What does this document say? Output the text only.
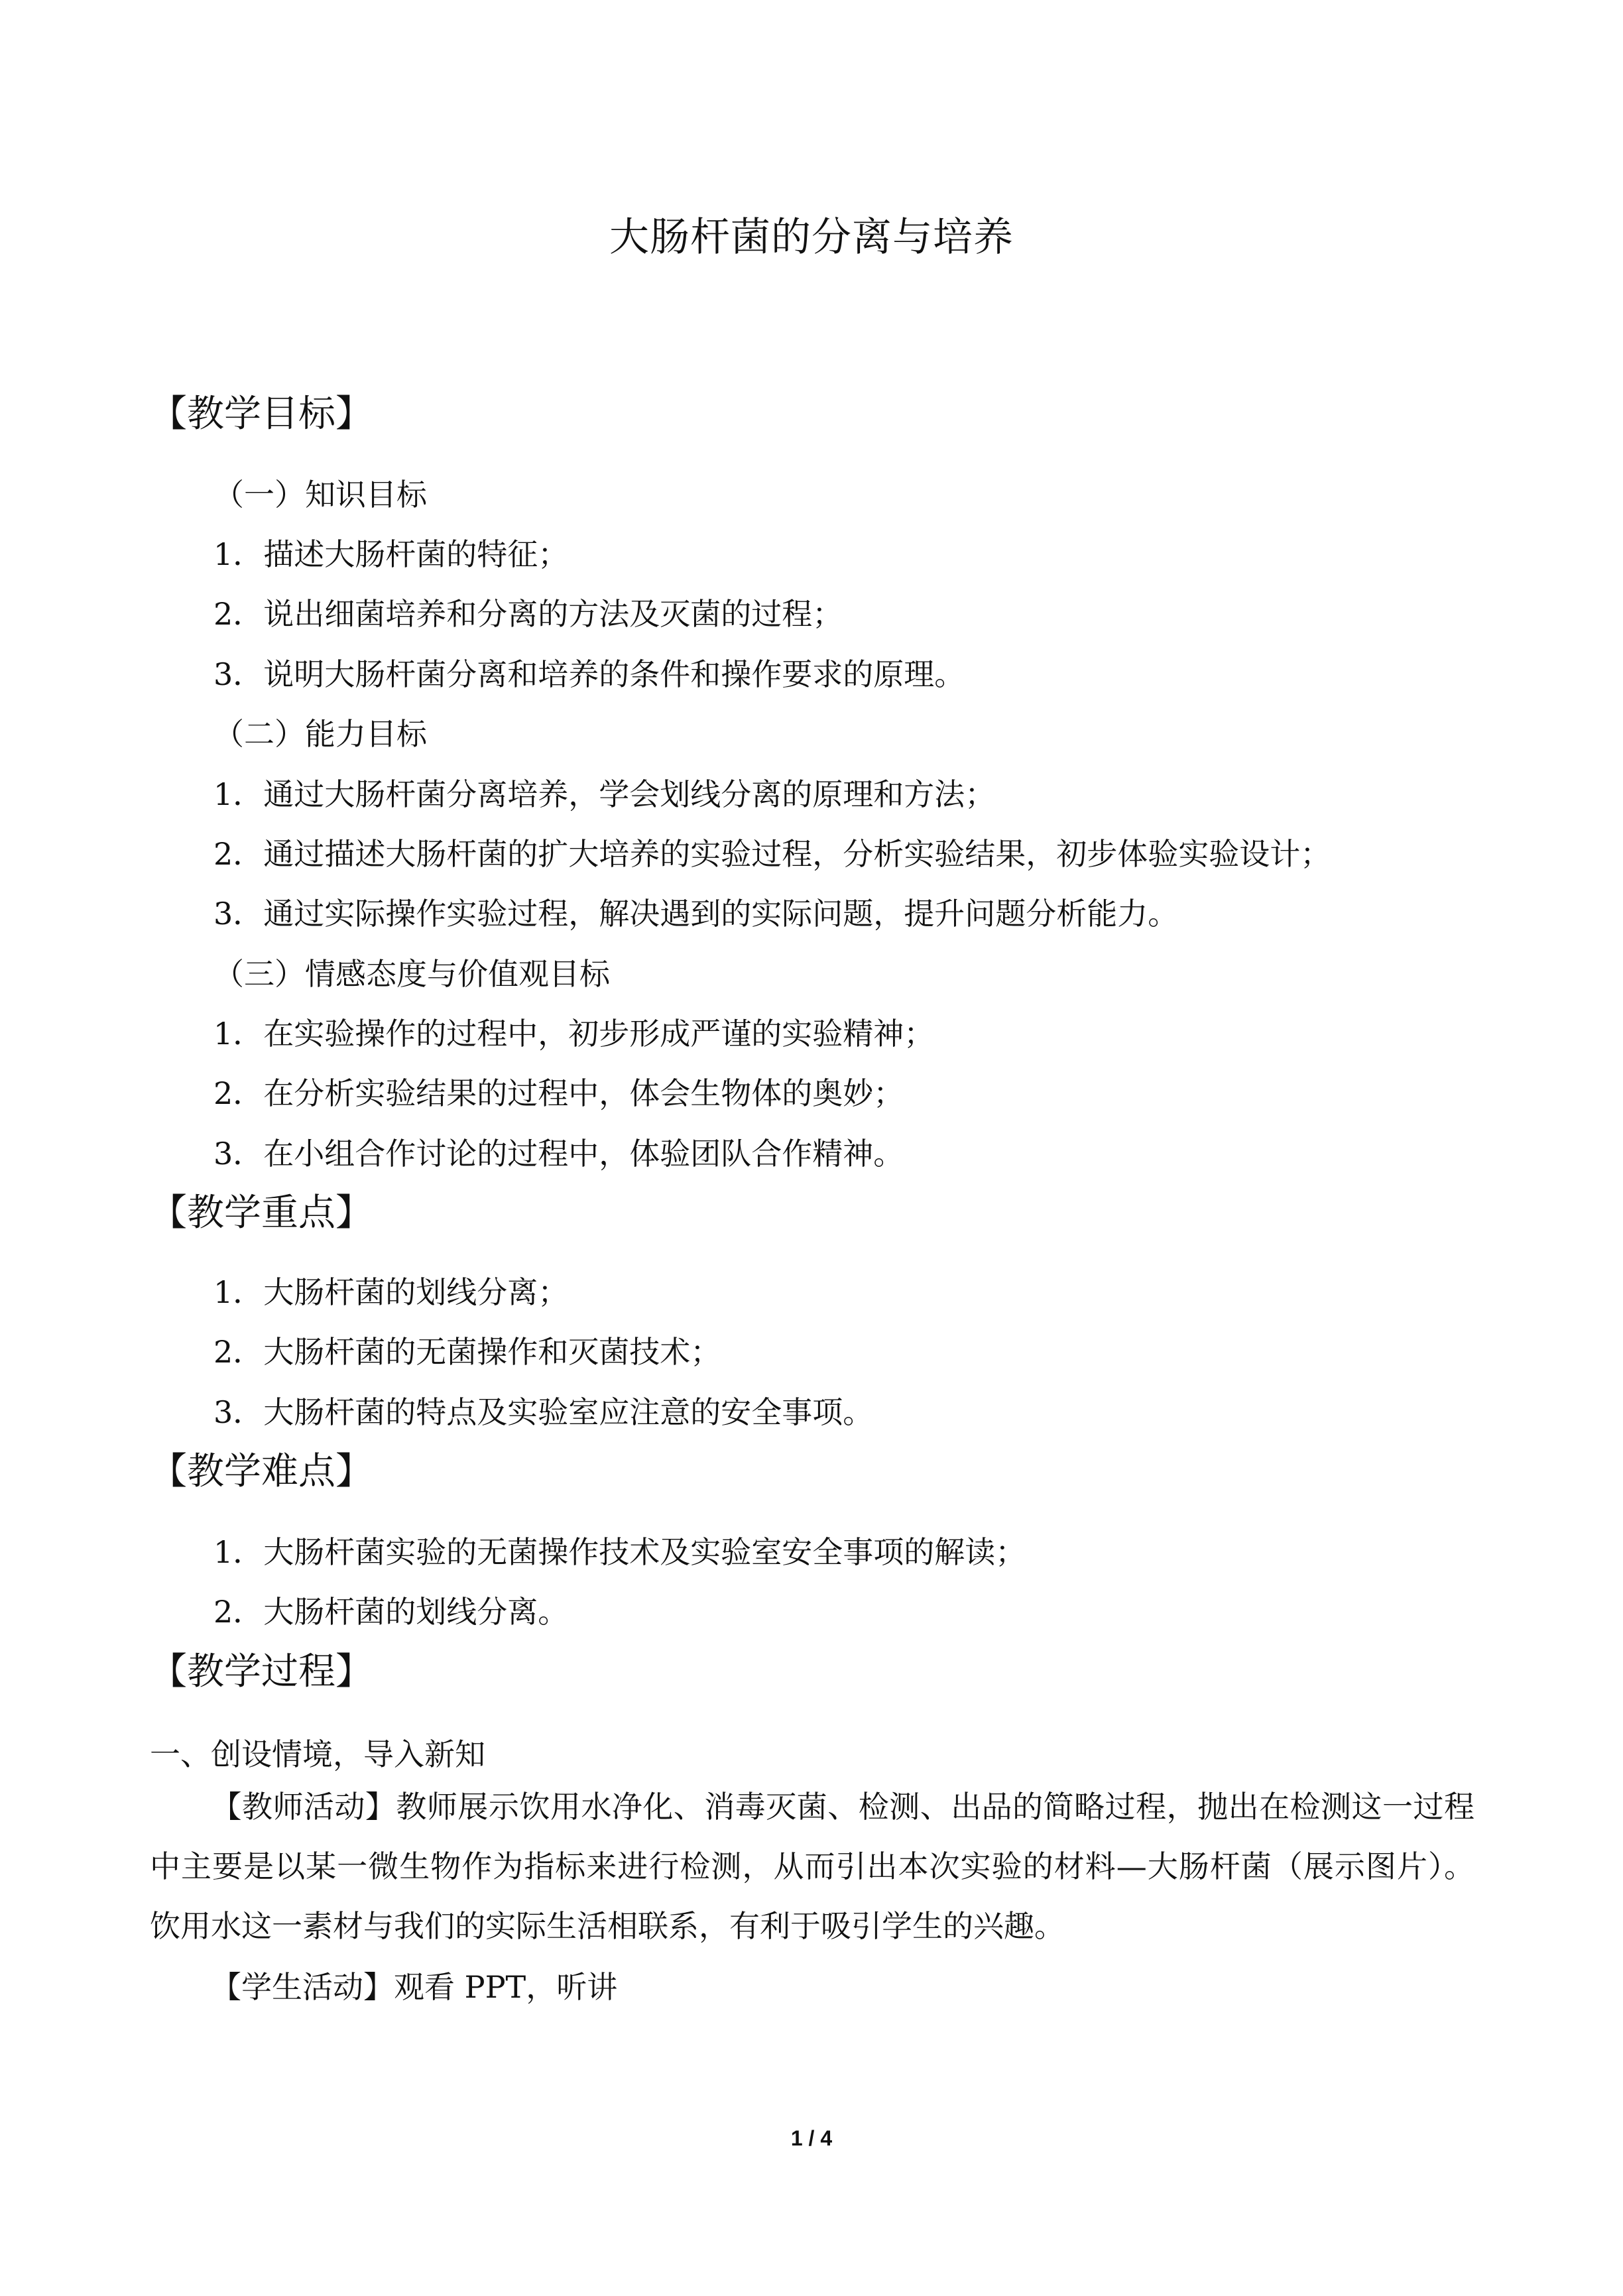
大肠杆菌的分离与培养
【教学目标】
（一）知识目标
1．描述大肠杆菌的特征；
2．说出细菌培养和分离的方法及灭菌的过程；
3．说明大肠杆菌分离和培养的条件和操作要求的原理。
（二）能力目标
1．通过大肠杆菌分离培养，学会划线分离的原理和方法；
2．通过描述大肠杆菌的扩大培养的实验过程，分析实验结果，初步体验实验设计；
3．通过实际操作实验过程，解决遇到的实际问题，提升问题分析能力。
（三）情感态度与价值观目标
1．在实验操作的过程中，初步形成严谨的实验精神；
2．在分析实验结果的过程中，体会生物体的奥妙；
3．在小组合作讨论的过程中，体验团队合作精神。
【教学重点】
1．大肠杆菌的划线分离；
2．大肠杆菌的无菌操作和灭菌技术；
3．大肠杆菌的特点及实验室应注意的安全事项。
【教学难点】
1．大肠杆菌实验的无菌操作技术及实验室安全事项的解读；
2．大肠杆菌的划线分离。
【教学过程】
一、创设情境，导入新知
【教师活动】教师展示饮用水净化、消毒灭菌、检测、出品的简略过程，抛出在检测这一过程中主要是以某一微生物作为指标来进行检测，从而引出本次实验的材料—大肠杆菌（展示图片）。饮用水这一素材与我们的实际生活相联系，有利于吸引学生的兴趣。
【学生活动】观看 PPT，听讲
1 / 4
